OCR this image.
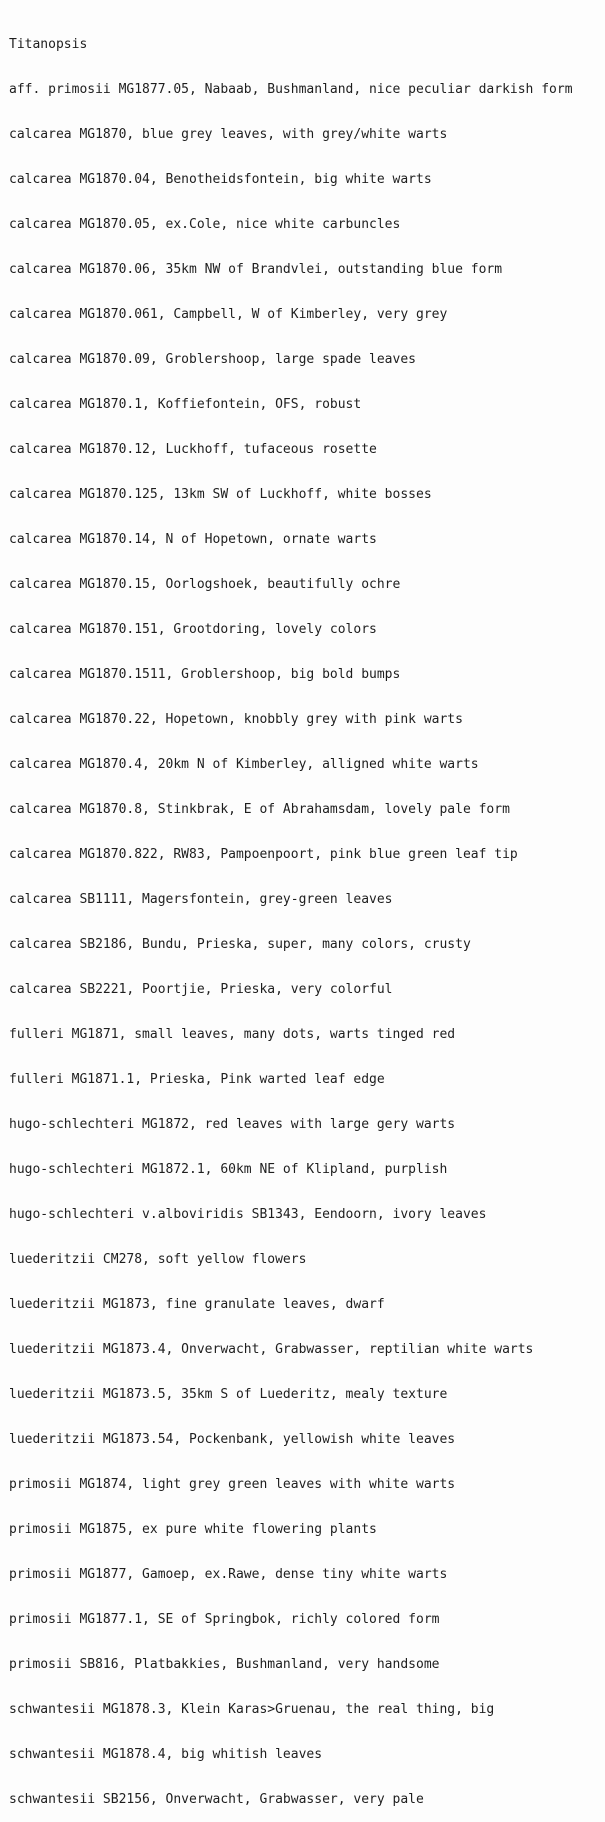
Titanopsis

aff. primosii MG1877.05, Nabaab, Bushmanland, nice peculiar darkish form

calcarea MG1870, blue grey leaves, with grey/white warts

calcarea MG1870.04, Benotheidsfontein, big white warts

calcarea MG1870.05, ex.Cole, nice white carbuncles

calcarea MG1870.06, 35km NW of Brandvlei, outstanding blue form

calcarea MG1870.061, Campbell, W of Kimberley, very grey

calcarea MG1870.09, Groblershoop, large spade leaves

calcarea MG1870.1, Koffiefontein, OFS, robust

calcarea MG1870.12, Luckhoff, tufaceous rosette

calcarea MG1870.125, 13km SW of Luckhoff, white bosses

calcarea MG1870.14, N of Hopetown, ornate warts

calcarea MG1870.15, Oorlogshoek, beautifully ochre

calcarea MG1870.151, Grootdoring, lovely colors

calcarea MG1870.1511, Groblershoop, big bold bumps

calcarea MG1870.22, Hopetown, knobbly grey with pink warts

calcarea MG1870.4, 20km N of Kimberley, alligned white warts

calcarea MG1870.8, Stinkbrak, E of Abrahamsdam, lovely pale form

calcarea MG1870.822, RW83, Pampoenpoort, pink blue green leaf tip

calcarea SB1111, Magersfontein, grey-green leaves

calcarea SB2186, Bundu, Prieska, super, many colors, crusty

calcarea SB2221, Poortjie, Prieska, very colorful

fulleri MG1871, small leaves, many dots, warts tinged red

fulleri MG1871.1, Prieska, Pink warted leaf edge

hugo-schlechteri MG1872, red leaves with large gery warts

hugo-schlechteri MG1872.1, 60km NE of Klipland, purplish

hugo-schlechteri v.alboviridis SB1343, Eendoorn, ivory leaves

luederitzii CM278, soft yellow flowers

luederitzii MG1873, fine granulate leaves, dwarf

luederitzii MG1873.4, Onverwacht, Grabwasser, reptilian white warts

luederitzii MG1873.5, 35km S of Luederitz, mealy texture

luederitzii MG1873.54, Pockenbank, yellowish white leaves

primosii MG1874, light grey green leaves with white warts

primosii MG1875, ex pure white flowering plants

primosii MG1877, Gamoep, ex.Rawe, dense tiny white warts

primosii MG1877.1, SE of Springbok, richly colored form

primosii SB816, Platbakkies, Bushmanland, very handsome

schwantesii MG1878.3, Klein Karas>Gruenau, the real thing, big

schwantesii MG1878.4, big whitish leaves

schwantesii SB2156, Onverwacht, Grabwasser, very pale
